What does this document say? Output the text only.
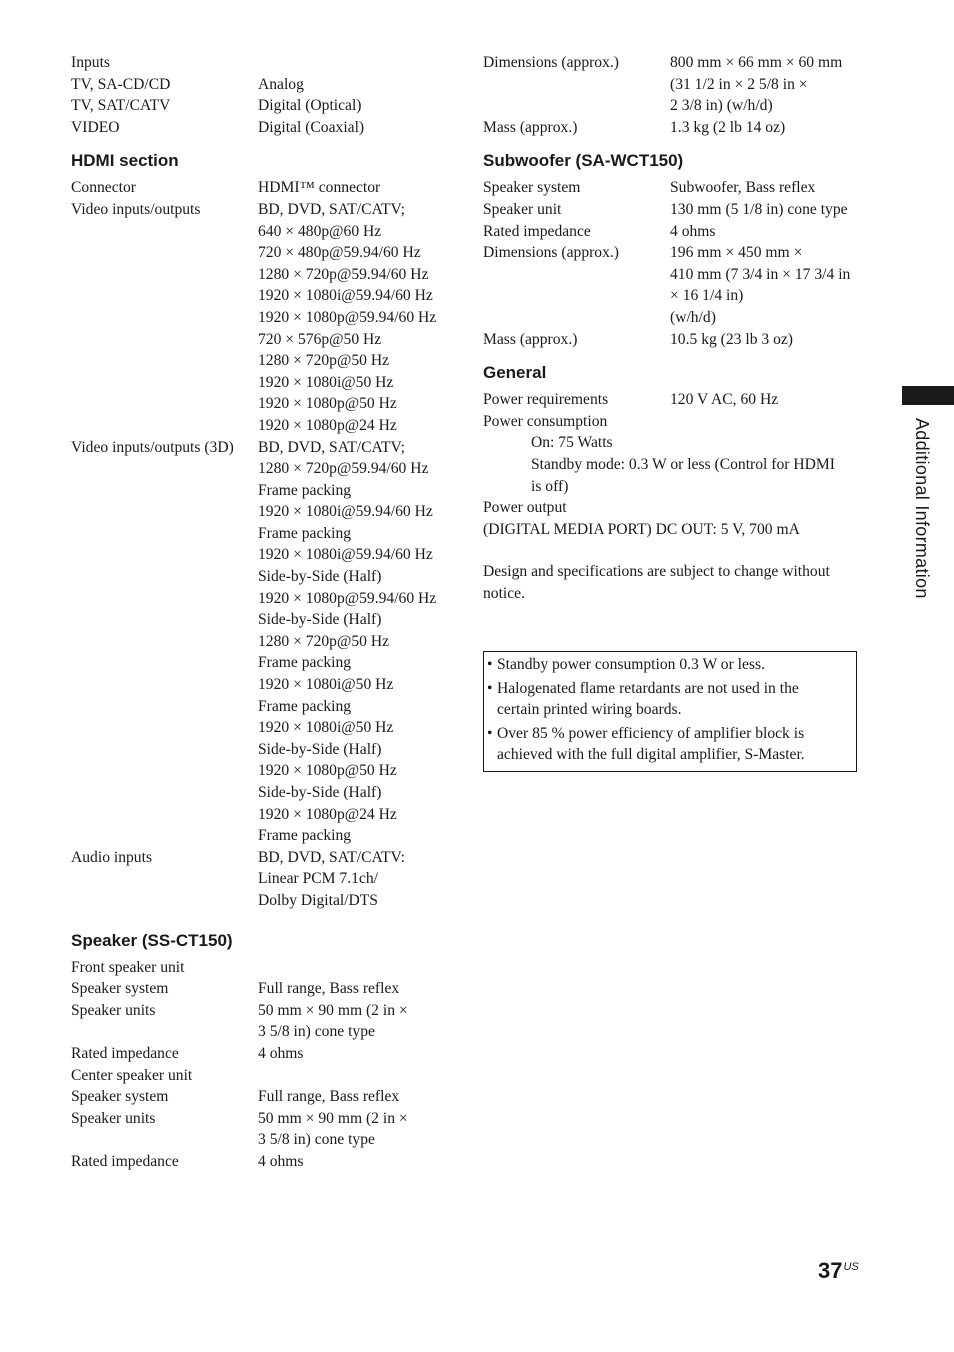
Inputs
TV, SA-CD/CD	Analog
TV, SAT/CATV	Digital (Optical)
VIDEO	Digital (Coaxial)
HDMI section
Connector	HDMI™ connector
Video inputs/outputs	BD, DVD, SAT/CATV;
640 × 480p@60 Hz
720 × 480p@59.94/60 Hz
1280 × 720p@59.94/60 Hz
1920 × 1080i@59.94/60 Hz
1920 × 1080p@59.94/60 Hz
720 × 576p@50 Hz
1280 × 720p@50 Hz
1920 × 1080i@50 Hz
1920 × 1080p@50 Hz
1920 × 1080p@24 Hz
Video inputs/outputs (3D)	BD, DVD, SAT/CATV;
1280 × 720p@59.94/60 Hz
Frame packing
1920 × 1080i@59.94/60 Hz
Frame packing
1920 × 1080i@59.94/60 Hz
Side-by-Side (Half)
1920 × 1080p@59.94/60 Hz
Side-by-Side (Half)
1280 × 720p@50 Hz
Frame packing
1920 × 1080i@50 Hz
Frame packing
1920 × 1080i@50 Hz
Side-by-Side (Half)
1920 × 1080p@50 Hz
Side-by-Side (Half)
1920 × 1080p@24 Hz
Frame packing
Audio inputs	BD, DVD, SAT/CATV:
Linear PCM 7.1ch/
Dolby Digital/DTS
Speaker (SS-CT150)
Front speaker unit
Speaker system	Full range, Bass reflex
Speaker units	50 mm × 90 mm (2 in ×
3 5/8 in) cone type
Rated impedance	4 ohms
Center speaker unit
Speaker system	Full range, Bass reflex
Speaker units	50 mm × 90 mm (2 in ×
3 5/8 in) cone type
Rated impedance	4 ohms
Dimensions (approx.)	800 mm × 66 mm × 60 mm
(31 1/2 in × 2 5/8 in ×
2 3/8 in) (w/h/d)
Mass (approx.)	1.3 kg (2 lb 14 oz)
Subwoofer (SA-WCT150)
Speaker system	Subwoofer, Bass reflex
Speaker unit	130 mm (5 1/8 in) cone type
Rated impedance	4 ohms
Dimensions (approx.)	196 mm × 450 mm ×
410 mm (7 3/4 in × 17 3/4 in
× 16 1/4 in)
(w/h/d)
Mass (approx.)	10.5 kg (23 lb 3 oz)
General
Power requirements	120 V AC, 60 Hz
Power consumption
On: 75 Watts
Standby mode: 0.3 W or less (Control for HDMI
is off)
Power output
(DIGITAL MEDIA PORT) DC OUT: 5 V, 700 mA
Design and specifications are subject to change without
notice.
• Standby power consumption 0.3 W or less.
• Halogenated flame retardants are not used in the
certain printed wiring boards.
• Over 85 % power efficiency of amplifier block is
achieved with the full digital amplifier, S-Master.
Additional Information
$37^{US}$
